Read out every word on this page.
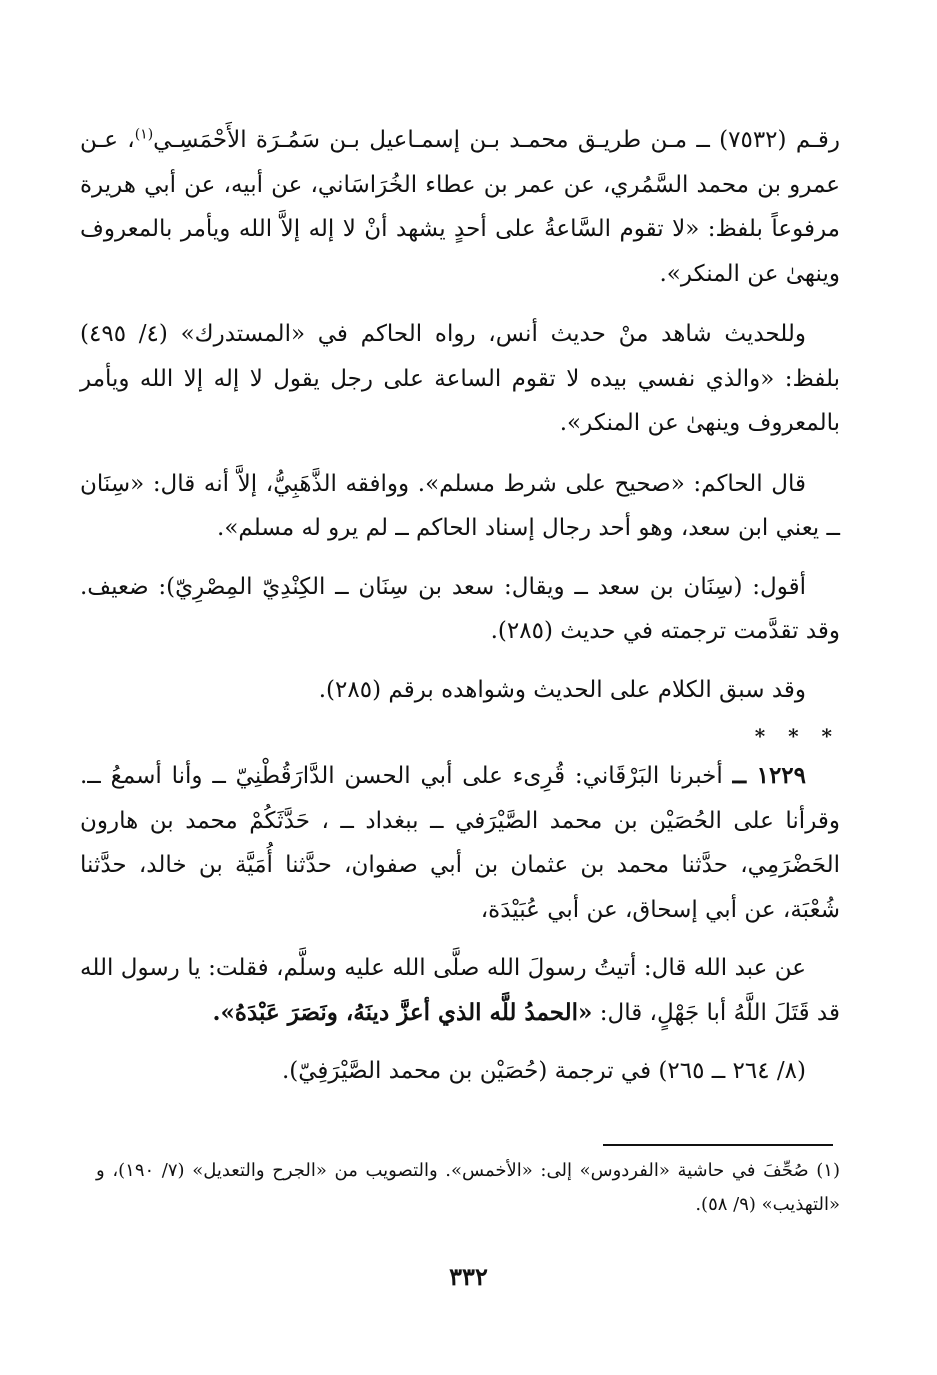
رقـم (٧٥٣٢) ــ مـن طريـق محمـد بـن إسمـاعيل بـن سَمُـرَة الأَحْمَسِـي$^{(١)}$، عـن عمرو بن محمد السَّمُري، عن عمر بن عطاء الخُرَاسَاني، عن أبيه، عن أبي هريرة مرفوعاً بلفظ: «لا تقوم السَّاعةُ على أحدٍ يشهد أنْ لا إله إلاَّ الله ويأمر بالمعروف وينهىٰ عن المنكر».

وللحديث شاهد منْ حديث أنس، رواه الحاكم في «المستدرك» (٤/ ٤٩٥) بلفظ: «والذي نفسي بيده لا تقوم الساعة على رجل يقول لا إله إلا الله ويأمر بالمعروف وينهىٰ عن المنكر».

قال الحاكم: «صحيح على شرط مسلم». ووافقه الذَّهَبِيُّ، إلاَّ أنه قال: «سِنَان ــ يعني ابن سعد، وهو أحد رجال إسناد الحاكم ــ لم يرو له مسلم».

أقول: (سِنَان بن سعد ــ ويقال: سعد بن سِنَان ــ الكِنْدِيّ المِصْرِيّ): ضعيف. وقد تقدَّمت ترجمته في حديث (٢٨٥).

وقد سبق الكلام على الحديث وشواهده برقم (٢٨٥).

* * *

١٢٢٩ ــ أخبرنا البَرْقَاني: قُرِىء على أبي الحسن الدَّارَقُطْنِيّ ــ وأنا أسمعُ ــ. وقرأنا على الحُصَيْن بن محمد الصَّيْرَفي ــ ببغداد ــ ، حَدَّثَكُمْ محمد بن هارون الحَضْرَمِي، حدَّثنا محمد بن عثمان بن أبي صفوان، حدَّثنا أُمَيَّة بن خالد، حدَّثنا شُعْبَة، عن أبي إسحاق، عن أبي عُبَيْدَة،

عن عبد الله قال: أتيتُ رسولَ الله صلَّى الله عليه وسلَّم، فقلت: يا رسول الله قد قَتَلَ اللَّهُ أبا جَهْلٍ، قال: «الحمدُ للَّه الذي أعزَّ دينَهُ، ونَصَرَ عَبْدَهُ».

(٨/ ٢٦٤ ــ ٢٦٥) في ترجمة (حُصَيْن بن محمد الصَّيْرَفِيّ).

(١) صُحِّفَ في حاشية «الفردوس» إلى: «الأخمس». والتصويب من «الجرح والتعديل» (٧/ ١٩٠)، و «التهذيب» (٩/ ٥٨).
٣٣٢
